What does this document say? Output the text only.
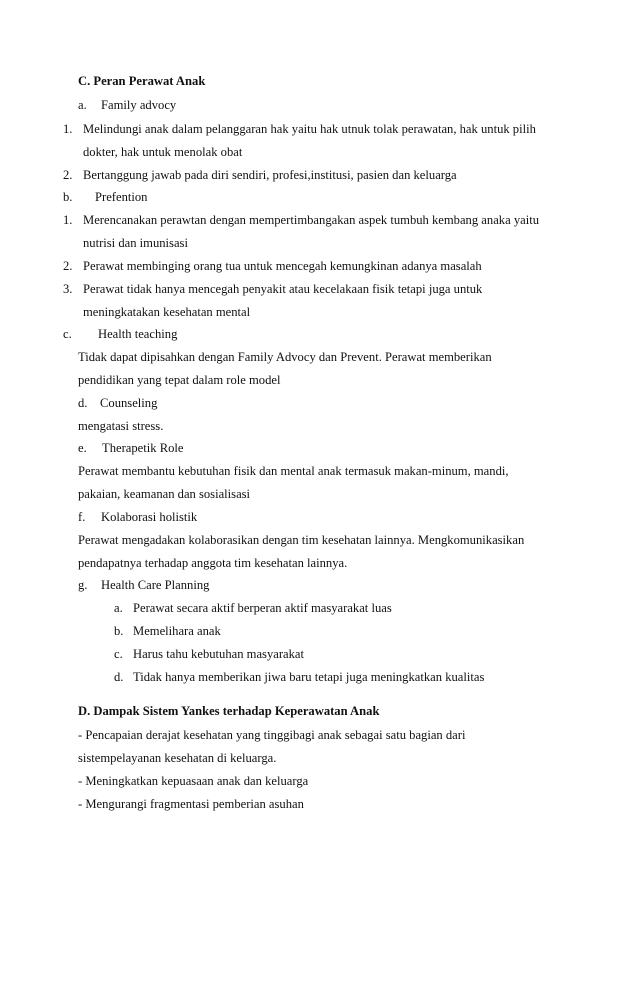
C. Peran Perawat Anak
a. Family advocy
1. Melindungi anak dalam pelanggaran hak yaitu hak utnuk tolak perawatan, hak untuk pilih
dokter, hak untuk menolak obat
2. Bertanggung jawab pada diri sendiri, profesi,institusi, pasien dan keluarga
b. Prefention
1. Merencanakan perawtan dengan mempertimbangakan aspek tumbuh kembang anaka yaitu
nutrisi dan imunisasi
2. Perawat membinging orang tua untuk mencegah kemungkinan adanya masalah
3. Perawat tidak hanya mencegah penyakit atau kecelakaan fisik tetapi juga untuk
meningkatakan kesehatan mental
c. Health teaching
Tidak dapat dipisahkan dengan Family Advocy dan Prevent. Perawat memberikan
pendidikan yang tepat dalam role model
d. Counseling
mengatasi stress.
e. Therapetik Role
Perawat membantu kebutuhan fisik dan mental anak termasuk makan-minum, mandi,
pakaian, keamanan dan sosialisasi
f. Kolaborasi holistik
Perawat mengadakan kolaborasikan dengan tim kesehatan lainnya. Mengkomunikasikan
pendapatnya terhadap anggota tim kesehatan lainnya.
g. Health Care Planning
a. Perawat secara aktif berperan aktif masyarakat luas
b. Memelihara anak
c. Harus tahu kebutuhan masyarakat
d. Tidak hanya memberikan jiwa baru tetapi juga meningkatkan kualitas
D. Dampak Sistem Yankes terhadap Keperawatan Anak
- Pencapaian derajat kesehatan yang tinggibagi anak sebagai satu bagian dari
sistempelayanan kesehatan di keluarga.
- Meningkatkan kepuasaan anak dan keluarga
- Mengurangi fragmentasi pemberian asuhan
